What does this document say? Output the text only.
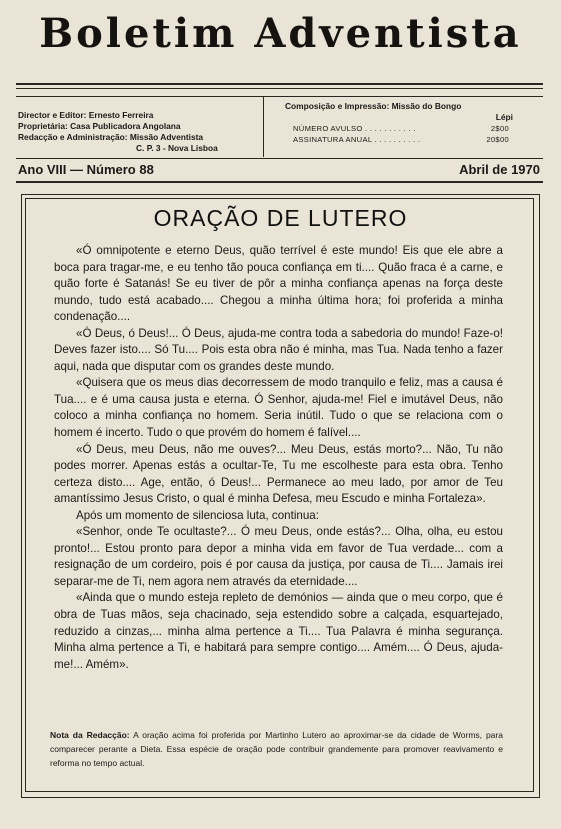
Boletim Adventista
Director e Editor: Ernesto Ferreira
Proprietária: Casa Publicadora Angolana
Redacção e Administração: Missão Adventista
C. P. 3 - Nova Lisboa
Composição e Impressão: Missão do Bongo
Lépi
NÚMERO AVULSO . . . . . . . . . . .	2$00
ASSINATURA ANUAL . . . . . . . . . .	20$00
Ano VIII — Número 88	Abril de 1970
ORAÇÃO DE LUTERO

«Ó omnipotente e eterno Deus, quão terrível é este mundo! Eis que ele abre a boca para tragar-me, e eu tenho tão pouca confiança em ti.... Quão fraca é a carne, e quão forte é Satanás! Se eu tiver de pôr a minha confiança apenas na força deste mundo, tudo está acabado.... Chegou a minha última hora; foi proferida a minha condenação....

«Ó Deus, ó Deus!... Ó Deus, ajuda-me contra toda a sabedoria do mundo! Faze-o! Deves fazer isto.... Só Tu.... Pois esta obra não é minha, mas Tua. Nada tenho a fazer aqui, nada que disputar com os grandes deste mundo.

«Quisera que os meus dias decorressem de modo tranquilo e feliz, mas a causa é Tua.... e é uma causa justa e eterna. Ó Senhor, ajuda-me! Fiel e imutável Deus, não coloco a minha confiança no homem. Seria inútil. Tudo o que se relaciona com o homem é incerto. Tudo o que provém do homem é falível....

«Ó Deus, meu Deus, não me ouves?... Meu Deus, estás morto?... Não, Tu não podes morrer. Apenas estás a ocultar-Te, Tu me escolheste para esta obra. Tenho certeza disto.... Age, então, ó Deus!... Permanece ao meu lado, por amor de Teu amantíssimo Jesus Cristo, o qual é minha Defesa, meu Escudo e minha Fortaleza».

Após um momento de silenciosa luta, continua:

«Senhor, onde Te ocultaste?... Ó meu Deus, onde estás?... Olha, olha, eu estou pronto!... Estou pronto para depor a minha vida em favor de Tua verdade... com a resignação de um cordeiro, pois é por causa da justiça, por causa de Ti.... Jamais irei separar-me de Ti, nem agora nem através da eternidade....

«Ainda que o mundo esteja repleto de demónios — ainda que o meu corpo, que é obra de Tuas mãos, seja chacinado, seja estendido sobre a calçada, esquartejado, reduzido a cinzas,... minha alma pertence a Ti.... Tua Palavra é minha segurança. Minha alma pertence a Ti, e habitará para sempre contigo.... Amém.... Ó Deus, ajuda-me!... Amém».

Nota da Redacção: A oração acima foi proferida por Martinho Lutero ao aproximar-se da cidade de Worms, para comparecer perante a Dieta. Essa espécie de oração pode contribuir grandemente para promover reavivamento e reforma no tempo actual.
